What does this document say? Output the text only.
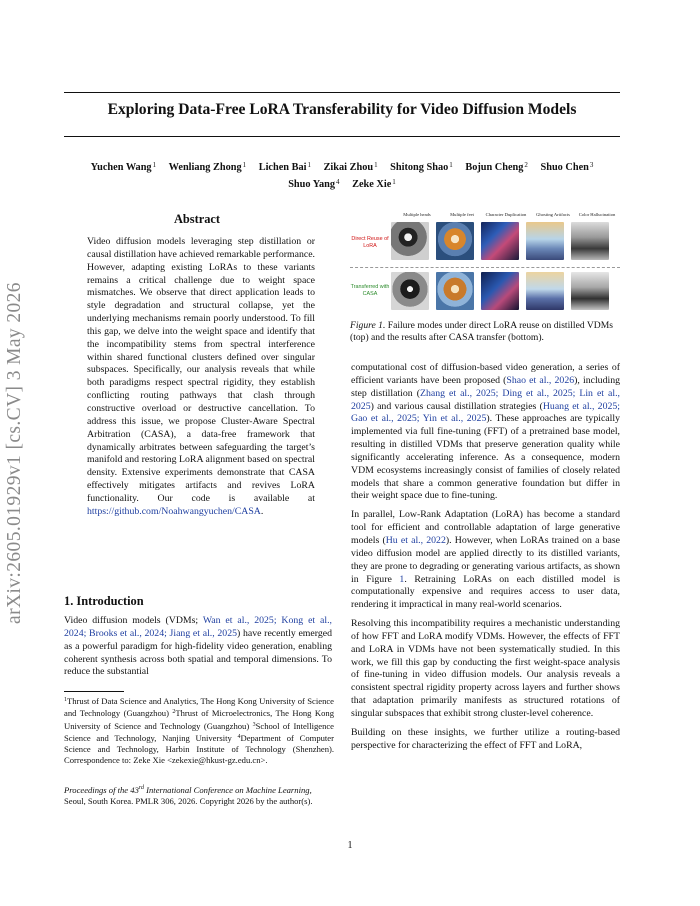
arXiv:2605.01929v1 [cs.CV] 3 May 2026
Exploring Data-Free LoRA Transferability for Video Diffusion Models
Yuchen Wang$^1$ Wenliang Zhong$^1$ Lichen Bai$^1$ Zikai Zhou$^1$ Shitong Shao$^1$ Bojun Cheng$^2$ Shuo Chen$^3$
Shuo Yang$^4$ Zeke Xie$^1$
Abstract
Video diffusion models leveraging step distillation or causal distillation have achieved remarkable performance. However, adapting existing LoRAs to these variants remains a critical challenge due to weight space mismatches. We observe that direct application leads to style degradation and structural collapse, yet the underlying mechanisms remain poorly understood. To fill this gap, we delve into the weight space and identify that the incompatibility stems from spectral interference within shared functional clusters defined over singular subspaces. Specifically, our analysis reveals that while both paradigms respect spectral rigidity, they establish conflicting routing pathways that clash through constructive overload or destructive cancellation. To address this issue, we propose Cluster-Aware Spectral Arbitration (CASA), a data-free framework that dynamically arbitrates between safeguarding the target’s manifold and restoring LoRA alignment based on spectral density. Extensive experiments demonstrate that CASA effectively mitigates artifacts and revives LoRA functionality. Our code is available at https://github.com/Noahwangyuchen/CASA.
1. Introduction
Video diffusion models (VDMs; Wan et al., 2025; Kong et al., 2024; Brooks et al., 2024; Jiang et al., 2025) have recently emerged as a powerful paradigm for high-fidelity video generation, enabling coherent synthesis across both spatial and temporal dimensions. To reduce the substantial
$^1$Thrust of Data Science and Analytics, The Hong Kong University of Science and Technology (Guangzhou) $^2$Thrust of Microelectronics, The Hong Kong University of Science and Technology (Guangzhou) $^3$School of Intelligence Science and Technology, Nanjing University $^4$Department of Computer Science and Technology, Harbin Institute of Technology (Shenzhen). Correspondence to: Zeke Xie <zekexie@hkust-gz.edu.cn>.
Proceedings of the 43rd International Conference on Machine Learning, Seoul, South Korea. PMLR 306, 2026. Copyright 2026 by the author(s).
Multiple heads	Multiple feet	Character Duplication	Ghosting Artifacts	Color Hallucination
Direct Reuse of LoRA
Transferred with CASA
Figure 1. Failure modes under direct LoRA reuse on distilled VDMs (top) and the results after CASA transfer (bottom).

computational cost of diffusion-based video generation, a series of efficient variants have been proposed (Shao et al., 2026), including step distillation (Zhang et al., 2025; Ding et al., 2025; Lin et al., 2025) and various causal distillation strategies (Huang et al., 2025; Gao et al., 2025; Yin et al., 2025). These approaches are typically implemented via full fine-tuning (FFT) of a pretrained base model, resulting in distilled VDMs that preserve generation quality while significantly accelerating inference. As a consequence, modern VDM ecosystems increasingly consist of families of closely related models that share a common generative foundation but differ in their weight space due to fine-tuning.

In parallel, Low-Rank Adaptation (LoRA) has become a standard tool for efficient and controllable adaptation of large generative models (Hu et al., 2022). However, when LoRAs trained on a base video diffusion model are applied directly to its distilled variants, they are prone to degrading or generating various artifacts, as shown in Figure 1. Retraining LoRAs on each distilled model is computationally expensive and requires access to user data, rendering it impractical in many real-world scenarios.

Resolving this incompatibility requires a mechanistic understanding of how FFT and LoRA modify VDMs. However, the effects of FFT and LoRA in VDMs have not been systematically studied. In this work, we fill this gap by conducting the first weight-space analysis of fine-tuning in video diffusion models. Our analysis reveals a consistent spectral rigidity property across layers and further shows that adaptation primarily manifests as structured rotations of singular subspaces that exhibit strong cluster-level coherence.

Building on these insights, we further utilize a routing-based perspective for characterizing the effect of FFT and LoRA,

1
